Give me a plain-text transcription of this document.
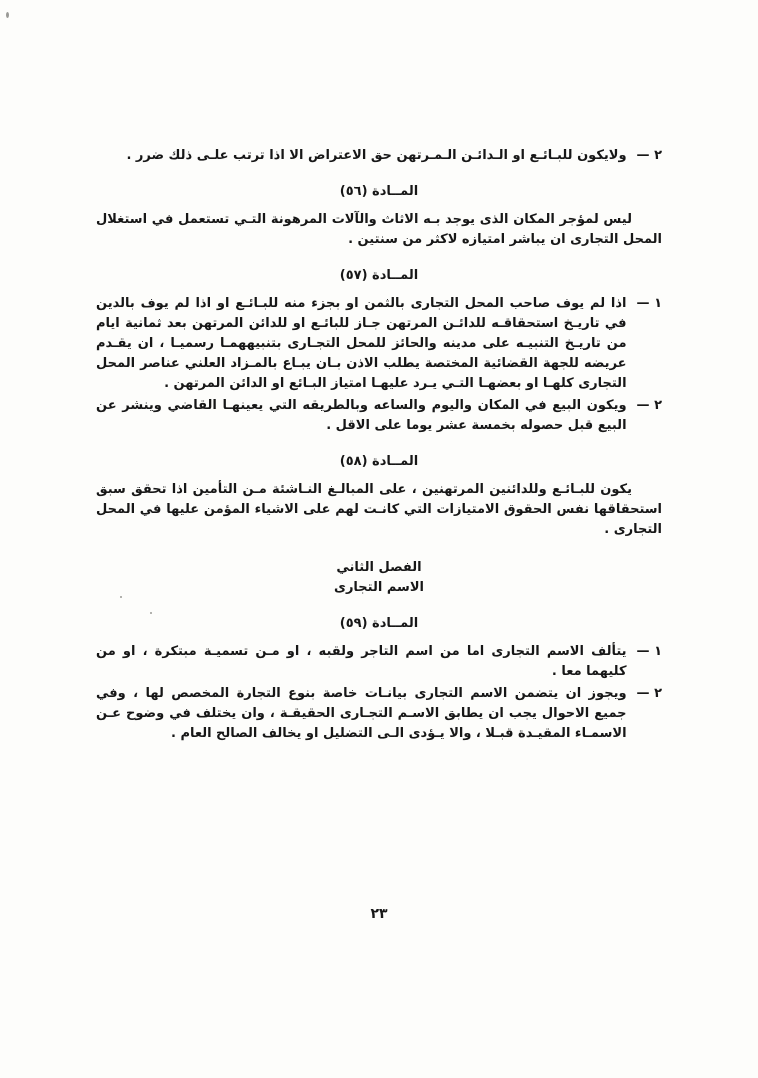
٢ —
ولايكون للبـائـع او الـدائـن الـمـرتهن حق الاعتراض الا اذا ترتب علـى ذلك ضرر .
المــادة (٥٦)
ليس لمؤجر المكان الذى يوجد بـه الاثاث والآلات المرهونة التـي تستعمل في استغلال المحل التجارى ان يباشر امتيازه لاكثر من سنتين .
المــادة (٥٧)
١ —
اذا لم يوف صاحب المحل التجارى بالثمن او بجزء منه للبـائـع او اذا لم يوف بالدين في تاريـخ استحقاقـه للدائـن المرتهن جـاز للبائـع او للدائن المرتهن بعد ثمانية ايام من تاريـخ التنبيـه على مدينه والحائز للمحل التجـارى بتنبيههمـا رسميـا ، ان يقـدم عريضه للجهة القضائية المختصة يطلب الاذن بـان يبـاع بالمـزاد العلني عناصر المحل التجارى كلهـا او بعضهـا التـي يـرد عليهـا امتياز البـائع او الدائن المرتهن .
٢ —
ويكون البيع في المكان واليوم والساعه وبالطريقه التي يعينهـا القاضي وينشر عن البيع قبل حصوله بخمسة عشر يوما على الاقل .
المــادة (٥٨)
يكون للبـائـع وللدائنين المرتهنين ، على المبالـغ النـاشئة مـن التأمين اذا تحقق سبق استحقاقها نفس الحقوق الامتيازات التي كانـت لهم على الاشياء المؤمن عليها في المحل التجارى .
الفصل الثاني
الاسم التجارى
المــادة (٥٩)
١ —
يتألف الاسم التجارى اما من اسم التاجر ولقبه ، او مـن تسميـة مبتكرة ، او من كليهما معا .
٢ —
ويجوز ان يتضمن الاسم التجارى بيانـات خاصة بنوع التجارة المخصص لها ، وفي جميع الاحوال يجب ان يطابق الاسـم التجـارى الحقيقـة ، وان يختلف في وضوح عـن الاسمـاء المقيـدة قبـلا ، والا يـؤدى الـى التضليل او يخالف الصالح العام .
٢٣
